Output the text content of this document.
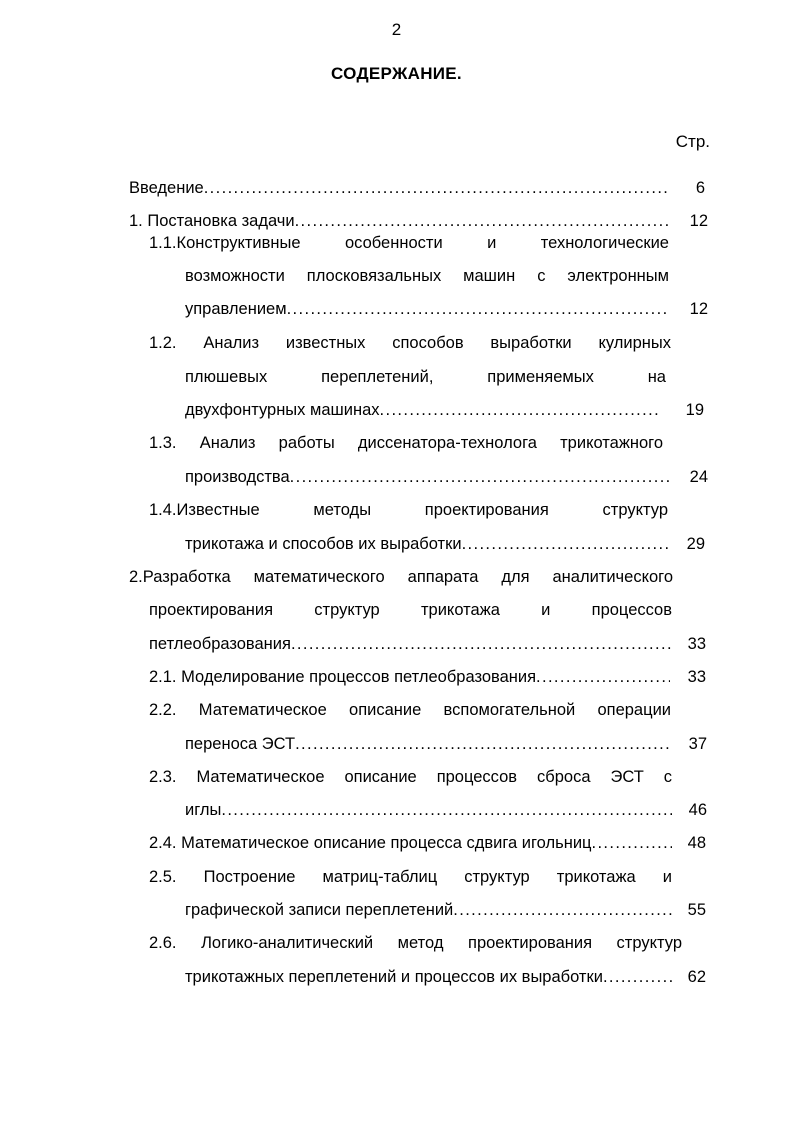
2
СОДЕРЖАНИЕ.
Стр.
Введение . . .	6
1. Постановка задачи . . .	12
1.1.Конструктивные особенности и технологические
возможности плосковязальных машин с электронным
управлением . . .	12
1.2. Анализ известных способов выработки кулирных
плюшевых переплетений, применяемых на
двухфонтурных машинах . . .	19
1.3. Анализ работы диссенатора-технолога трикотажного
производства . . .	24
1.4.Известные методы проектирования структур
трикотажа и способов их выработки . . .	29
2.Разработка математического аппарата для аналитического
проектирования структур трикотажа и процессов
петлеобразования . . .	33
2.1. Моделирование процессов петлеобразования . . .	33
2.2. Математическое описание вспомогательной операции
переноса ЭСТ . . .	37
2.3. Математическое описание процессов сброса ЭСТ с
иглы . . .	46
2.4. Математическое описание процесса сдвига игольниц . . .	48
2.5. Построение матриц-таблиц структур трикотажа и
графической записи переплетений . . .	55
2.6. Логико-аналитический метод проектирования структур
трикотажных переплетений и процессов их выработки . . .	62
